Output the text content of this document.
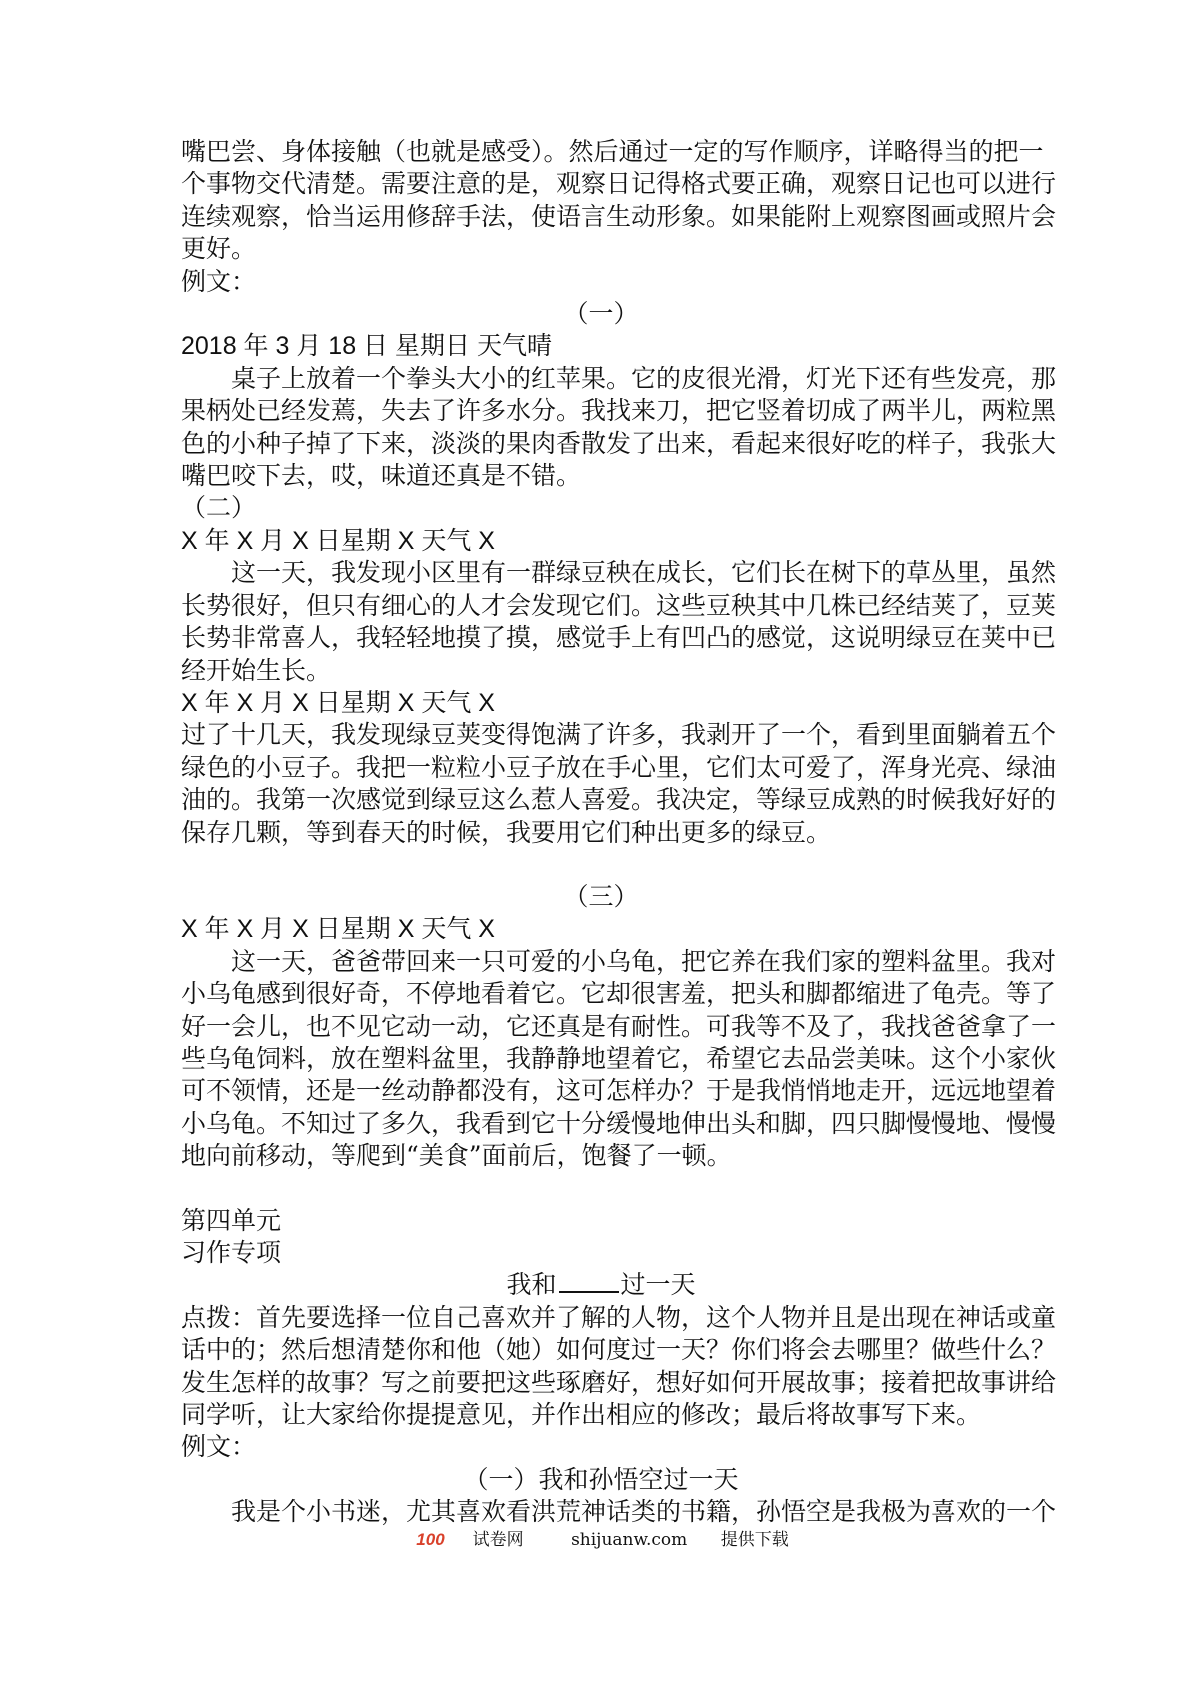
嘴巴尝、身体接触（也就是感受）。然后通过一定的写作顺序，详略得当的把一

个事物交代清楚。需要注意的是，观察日记得格式要正确，观察日记也可以进行

连续观察，恰当运用修辞手法，使语言生动形象。如果能附上观察图画或照片会

更好。

例文：

（一）

2018 年 3 月 18 日 星期日 天气晴

桌子上放着一个拳头大小的红苹果。它的皮很光滑，灯光下还有些发亮，那

果柄处已经发蔫，失去了许多水分。我找来刀，把它竖着切成了两半儿，两粒黑

色的小种子掉了下来，淡淡的果肉香散发了出来，看起来很好吃的样子，我张大

嘴巴咬下去，哎，味道还真是不错。

（二）

X 年 X 月 X 日星期 X 天气 X

这一天，我发现小区里有一群绿豆秧在成长，它们长在树下的草丛里，虽然

长势很好，但只有细心的人才会发现它们。这些豆秧其中几株已经结荚了，豆荚

长势非常喜人，我轻轻地摸了摸，感觉手上有凹凸的感觉，这说明绿豆在荚中已

经开始生长。

X 年 X 月 X 日星期 X 天气 X

过了十几天，我发现绿豆荚变得饱满了许多，我剥开了一个，看到里面躺着五个

绿色的小豆子。我把一粒粒小豆子放在手心里，它们太可爱了，浑身光亮、绿油

油的。我第一次感觉到绿豆这么惹人喜爱。我决定，等绿豆成熟的时候我好好的

保存几颗，等到春天的时候，我要用它们种出更多的绿豆。

（三）

X 年 X 月 X 日星期 X 天气 X

这一天，爸爸带回来一只可爱的小乌龟，把它养在我们家的塑料盆里。我对

小乌龟感到很好奇，不停地看着它。它却很害羞，把头和脚都缩进了龟壳。等了

好一会儿，也不见它动一动，它还真是有耐性。可我等不及了，我找爸爸拿了一

些乌龟饲料，放在塑料盆里，我静静地望着它，希望它去品尝美味。这个小家伙

可不领情，还是一丝动静都没有，这可怎样办？于是我悄悄地走开，远远地望着

小乌龟。不知过了多久，我看到它十分缓慢地伸出头和脚，四只脚慢慢地、慢慢

地向前移动，等爬到“美食”面前后，饱餐了一顿。

第四单元

习作专项

我和	过一天

点拨：首先要选择一位自己喜欢并了解的人物，这个人物并且是出现在神话或童

话中的；然后想清楚你和他（她）如何度过一天？你们将会去哪里？做些什么？

发生怎样的故事？写之前要把这些琢磨好，想好如何开展故事；接着把故事讲给

同学听，让大家给你提提意见，并作出相应的修改；最后将故事写下来。

例文：

（一）我和孙悟空过一天

我是个小书迷，尤其喜欢看洪荒神话类的书籍，孙悟空是我极为喜欢的一个

100 试卷网	shijuanw.com 提供下载
